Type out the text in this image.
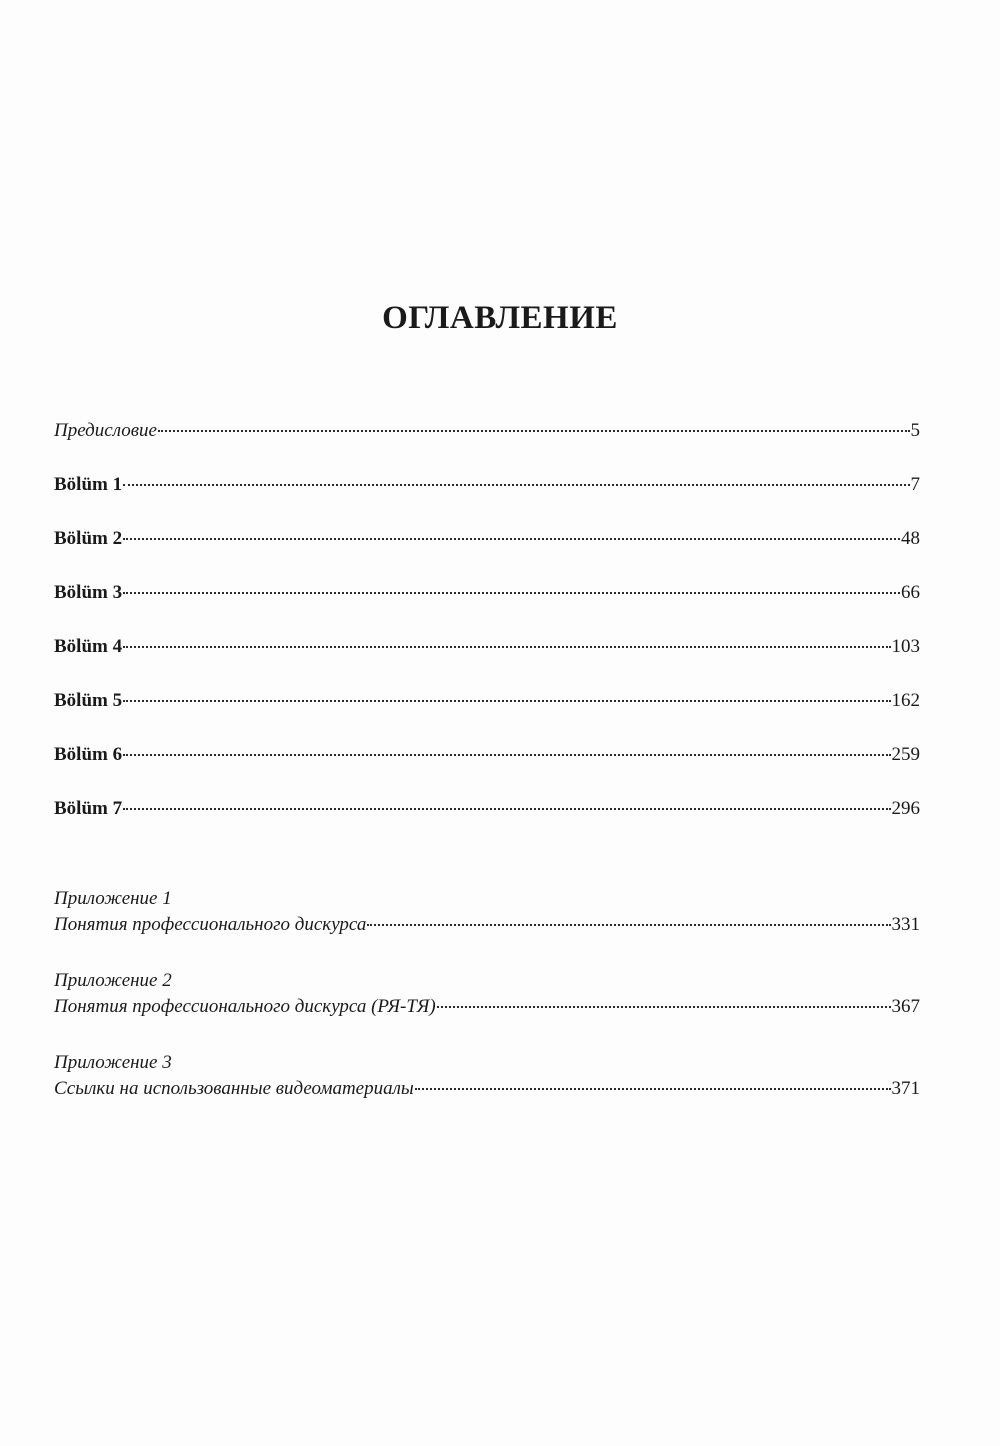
ОГЛАВЛЕНИЕ
Предисловие	5
Bölüm 1	7
Bölüm 2	48
Bölüm 3	66
Bölüm 4	103
Bölüm 5	162
Bölüm 6	259
Bölüm 7	296
Приложение 1
Понятия профессионального дискурса	331
Приложение 2
Понятия профессионального дискурса (РЯ-ТЯ)	367
Приложение 3
Ссылки на использованные видеоматериалы	371
